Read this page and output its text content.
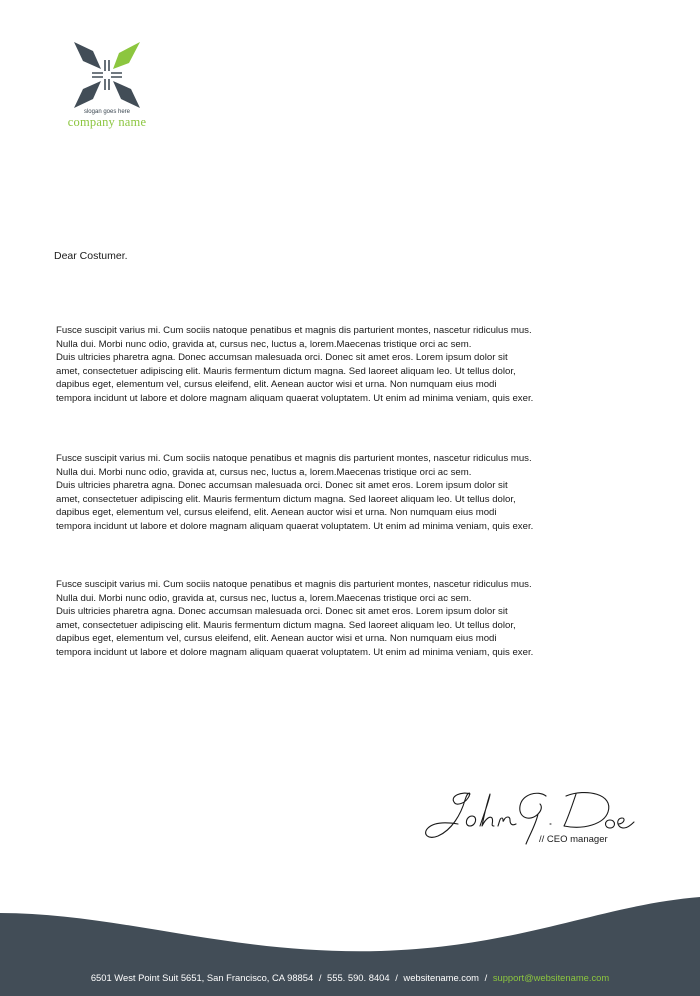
slogan goes here
company name
Dear Costumer.

Fusce suscipit varius mi. Cum sociis natoque penatibus et magnis dis parturient montes, nascetur ridiculus mus.
Nulla dui. Morbi nunc odio, gravida at, cursus nec, luctus a, lorem.Maecenas tristique orci ac sem.
Duis ultricies pharetra agna. Donec accumsan malesuada orci. Donec sit amet eros. Lorem ipsum dolor sit
amet, consectetuer adipiscing elit. Mauris fermentum dictum magna. Sed laoreet aliquam leo. Ut tellus dolor,
dapibus eget, elementum vel, cursus eleifend, elit. Aenean auctor wisi et urna. Non numquam eius modi
tempora incidunt ut labore et dolore magnam aliquam quaerat voluptatem. Ut enim ad minima veniam, quis exer.

Fusce suscipit varius mi. Cum sociis natoque penatibus et magnis dis parturient montes, nascetur ridiculus mus.
Nulla dui. Morbi nunc odio, gravida at, cursus nec, luctus a, lorem.Maecenas tristique orci ac sem.
Duis ultricies pharetra agna. Donec accumsan malesuada orci. Donec sit amet eros. Lorem ipsum dolor sit
amet, consectetuer adipiscing elit. Mauris fermentum dictum magna. Sed laoreet aliquam leo. Ut tellus dolor,
dapibus eget, elementum vel, cursus eleifend, elit. Aenean auctor wisi et urna. Non numquam eius modi
tempora incidunt ut labore et dolore magnam aliquam quaerat voluptatem. Ut enim ad minima veniam, quis exer.

Fusce suscipit varius mi. Cum sociis natoque penatibus et magnis dis parturient montes, nascetur ridiculus mus.
Nulla dui. Morbi nunc odio, gravida at, cursus nec, luctus a, lorem.Maecenas tristique orci ac sem.
Duis ultricies pharetra agna. Donec accumsan malesuada orci. Donec sit amet eros. Lorem ipsum dolor sit
amet, consectetuer adipiscing elit. Mauris fermentum dictum magna. Sed laoreet aliquam leo. Ut tellus dolor,
dapibus eget, elementum vel, cursus eleifend, elit. Aenean auctor wisi et urna. Non numquam eius modi
tempora incidunt ut labore et dolore magnam aliquam quaerat voluptatem. Ut enim ad minima veniam, quis exer.

// CEO manager
6501 West Point Suit 5651, San Francisco, CA 98854 / 555. 590. 8404 / websitename.com / support@websitename.com
